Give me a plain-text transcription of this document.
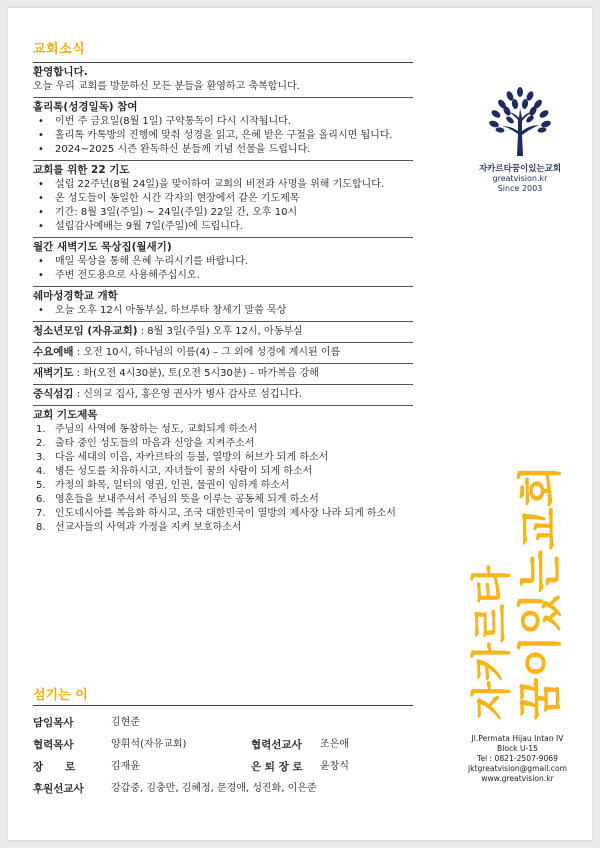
교회소식
환영합니다.
오늘 우리 교회를 방문하신 모든 분들을 환영하고 축복합니다.
홀리톡(성경일독) 참여
• 이번 주 금요일(8월 1일) 구약통독이 다시 시작됩니다.
• 홀리톡 카톡방의 진행에 맞춰 성경을 읽고, 은혜 받은 구절을 올리시면 됩니다.
• 2024~2025 시즌 완독하신 분들께 기념 선물을 드립니다.
교회를 위한 22 기도
• 설립 22주년(8월 24일)을 맞이하여 교회의 비전과 사명을 위해 기도합니다.
• 온 성도들이 동일한 시간 각자의 현장에서 같은 기도제목
• 기간: 8월 3일(주일) ~ 24일(주일) 22일 간, 오후 10시
• 설립감사예배는 9월 7일(주일)에 드립니다.
월간 새벽기도 묵상집(월새기)
• 매일 묵상을 통해 은혜 누리시기를 바랍니다.
• 주변 전도용으로 사용해주십시오.
쉐마성경학교 개학
• 오늘 오후 12시 아동부실, 하브루타 창세기 말씀 묵상
청소년모임 (자유교회) : 8월 3일(주일) 오후 12시, 아동부실
수요예배 : 오전 10시, 하나님의 이름(4) – 그 외에 성경에 계시된 이름
새벽기도 : 화(오전 4시30분), 토(오전 5시30분) – 마가복음 강해
중식섬김 : 신의교 집사, 홍은영 권사가 병사 감사로 섬깁니다.
교회 기도제목
1. 주님의 사역에 동참하는 성도, 교회되게 하소서
2. 출타 중인 성도들의 마음과 신앙을 지켜주소서
3. 다음 세대의 이음, 자카르타의 등불, 열방의 허브가 되게 하소서
4. 병든 성도를 치유하시고, 자녀들이 꿈의 사람이 되게 하소서
5. 가정의 화목, 일터의 영권, 인권, 물권이 임하게 하소서
6. 영혼들을 보내주셔서 주님의 뜻을 이루는 공동체 되게 하소서
7. 인도네시아를 복음화 하시고, 조국 대한민국이 열방의 제사장 나라 되게 하소서
8. 선교사들의 사역과 가정을 지켜 보호하소서
섬기는 이
담임목사	김현준
협력목사	양휘석(자유교회)	협력선교사 조은애
장      로	김재윤	은 퇴 장 로 윤창식
후원선교사	강갑중, 김충만, 김혜정, 문경애, 성진화, 이은준
자카르타꿈이있는교회
greatvision.kr
Since 2003
자카르타 꿈이있는교회
Jl.Permata Hijau Intan IV
Block U-15
Tel : 0821-2507-9069
jktgreatvision@gmail.com
www.greatvision.kr
